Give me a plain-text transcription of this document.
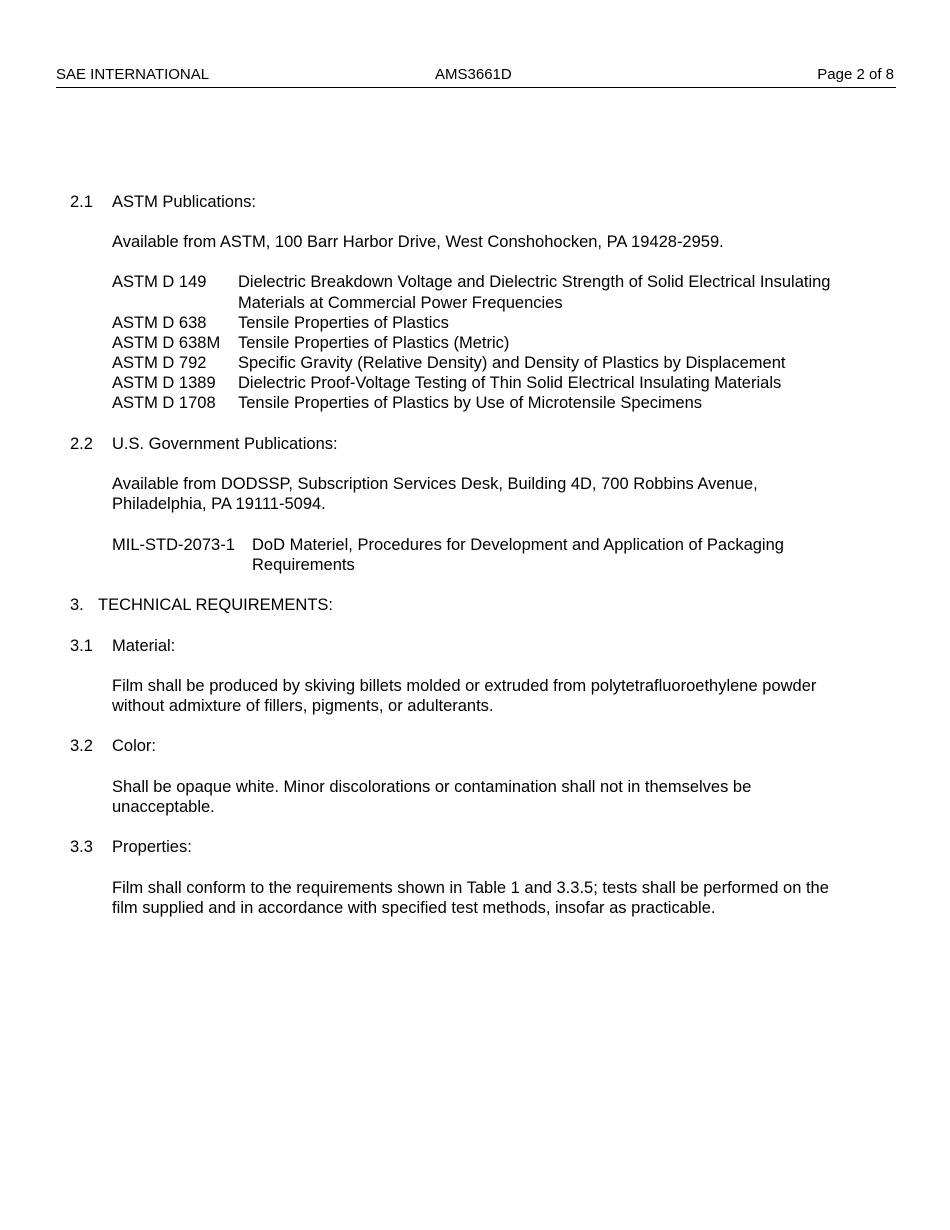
SAE INTERNATIONAL	AMS3661D	Page 2 of 8
2.1 ASTM Publications:
Available from ASTM, 100 Barr Harbor Drive, West Conshohocken, PA 19428-2959.
ASTM D 149 Dielectric Breakdown Voltage and Dielectric Strength of Solid Electrical Insulating
Materials at Commercial Power Frequencies
ASTM D 638 Tensile Properties of Plastics
ASTM D 638M Tensile Properties of Plastics (Metric)
ASTM D 792 Specific Gravity (Relative Density) and Density of Plastics by Displacement
ASTM D 1389 Dielectric Proof-Voltage Testing of Thin Solid Electrical Insulating Materials
ASTM D 1708 Tensile Properties of Plastics by Use of Microtensile Specimens
2.2 U.S. Government Publications:
Available from DODSSP, Subscription Services Desk, Building 4D, 700 Robbins Avenue,
Philadelphia, PA 19111-5094.
MIL-STD-2073-1 DoD Materiel, Procedures for Development and Application of Packaging
Requirements
3. TECHNICAL REQUIREMENTS:
3.1 Material:
Film shall be produced by skiving billets molded or extruded from polytetrafluoroethylene powder
without admixture of fillers, pigments, or adulterants.
3.2 Color:
Shall be opaque white. Minor discolorations or contamination shall not in themselves be
unacceptable.
3.3 Properties:
Film shall conform to the requirements shown in Table 1 and 3.3.5; tests shall be performed on the
film supplied and in accordance with specified test methods, insofar as practicable.
